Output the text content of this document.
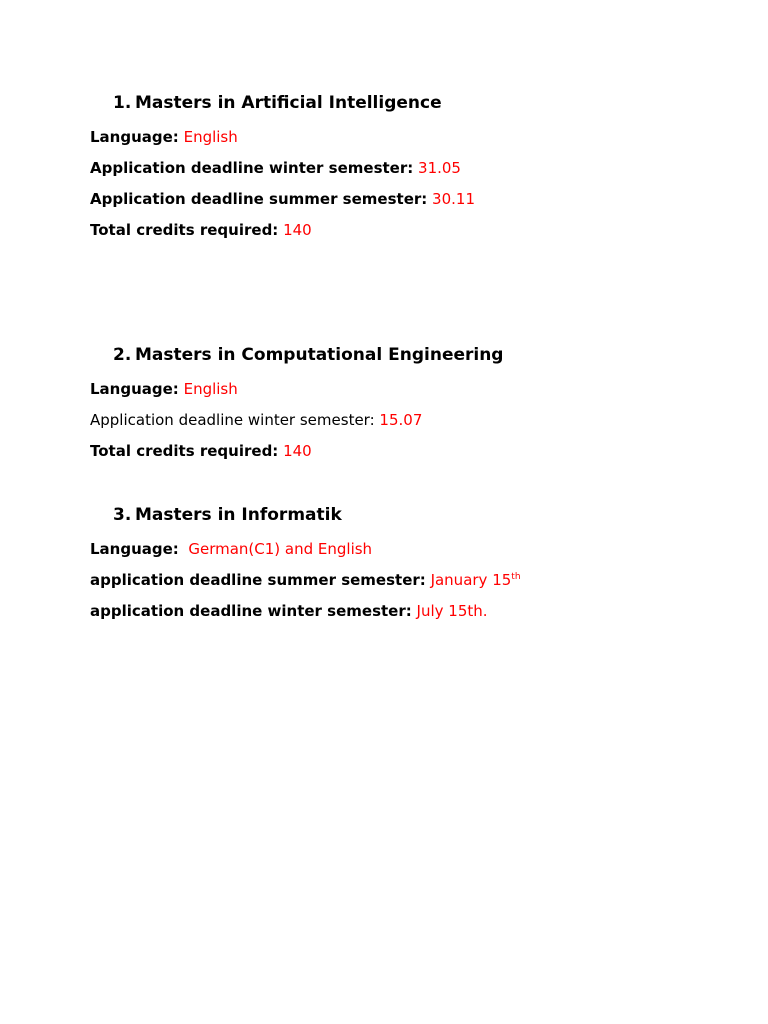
1. Masters in Artificial Intelligence
Language: English
Application deadline winter semester: 31.05
Application deadline summer semester: 30.11
Total credits required: 140
2. Masters in Computational Engineering
Language: English
Application deadline winter semester: 15.07
Total credits required: 140
3. Masters in Informatik
Language: German(C1) and English
application deadline summer semester: January 15th
application deadline winter semester: July 15th.
